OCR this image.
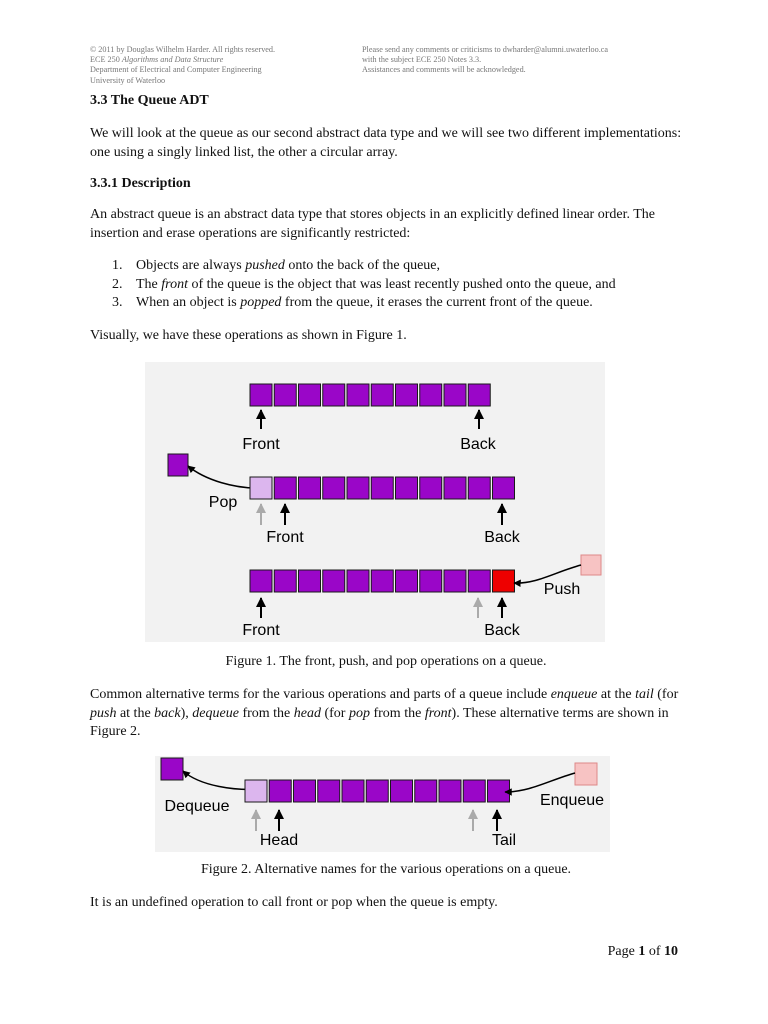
© 2011 by Douglas Wilhelm Harder. All rights reserved.
ECE 250 Algorithms and Data Structure
Department of Electrical and Computer Engineering
University of Waterloo
Please send any comments or criticisms to dwharder@alumni.uwaterloo.ca
with the subject ECE 250 Notes 3.3.
Assistances and comments will be acknowledged.
3.3 The Queue ADT
We will look at the queue as our second abstract data type and we will see two different implementations: one using a singly linked list, the other a circular array.
3.3.1 Description
An abstract queue is an abstract data type that stores objects in an explicitly defined linear order. The insertion and erase operations are significantly restricted:
1. Objects are always pushed onto the back of the queue,
2. The front of the queue is the object that was least recently pushed onto the queue, and
3. When an object is popped from the queue, it erases the current front of the queue.
Visually, we have these operations as shown in Figure 1.
Front	Back
Pop
Front	Back
Push
Front	Back
Figure 1. The front, push, and pop operations on a queue.
Common alternative terms for the various operations and parts of a queue include enqueue at the tail (for push at the back), dequeue from the head (for pop from the front). These alternative terms are shown in Figure 2.
Dequeue	Enqueue
Head	Tail
Figure 2. Alternative names for the various operations on a queue.
It is an undefined operation to call front or pop when the queue is empty.
Page 1 of 10
